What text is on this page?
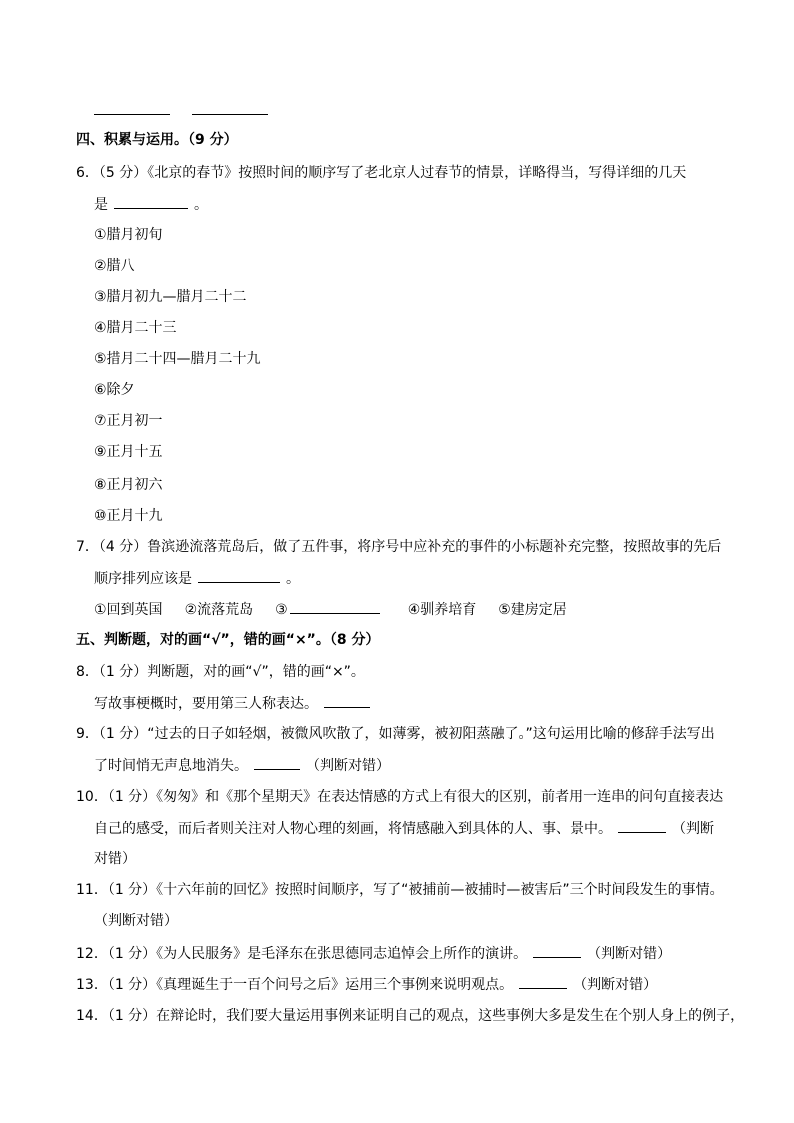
四、积累与运用。（9 分）
6．（5 分）《北京的春节》按照时间的顺序写了老北京人过春节的情景，详略得当，写得详细的几天
是	。
①腊月初旬
②腊八
③腊月初九—腊月二十二
④腊月二十三
⑤措月二十四—腊月二十九
⑥除夕
⑦正月初一
⑨正月十五
⑧正月初六
⑩正月十九
7．（4 分）鲁滨逊流落荒岛后，做了五件事，将序号中应补充的事件的小标题补充完整，按照故事的先后
顺序排列应该是	。
①回到英国 ②流落荒岛 ③	④驯养培育 ⑤建房定居
五、判断题，对的画“√”，错的画“×”。（8 分）
8．（1 分）判断题，对的画“√”，错的画“×”。
写故事梗概时，要用第三人称表达。
9．（1 分）“过去的日子如轻烟，被微风吹散了，如薄雾，被初阳蒸融了。”这句运用比喻的修辞手法写出
了时间悄无声息地消失。	（判断对错）
10．（1 分）《匆匆》和《那个星期天》在表达情感的方式上有很大的区别，前者用一连串的问句直接表达
自己的感受，而后者则关注对人物心理的刻画，将情感融入到具体的人、事、景中。	（判断
对错）
11．（1 分）《十六年前的回忆》按照时间顺序，写了“被捕前—被捕时—被害后”三个时间段发生的事情。
（判断对错）
12．（1 分）《为人民服务》是毛泽东在张思德同志追悼会上所作的演讲。	（判断对错）
13．（1 分）《真理诞生于一百个问号之后》运用三个事例来说明观点。	（判断对错）
14．（1 分）在辩论时，我们要大量运用事例来证明自己的观点，这些事例大多是发生在个别人身上的例子，
